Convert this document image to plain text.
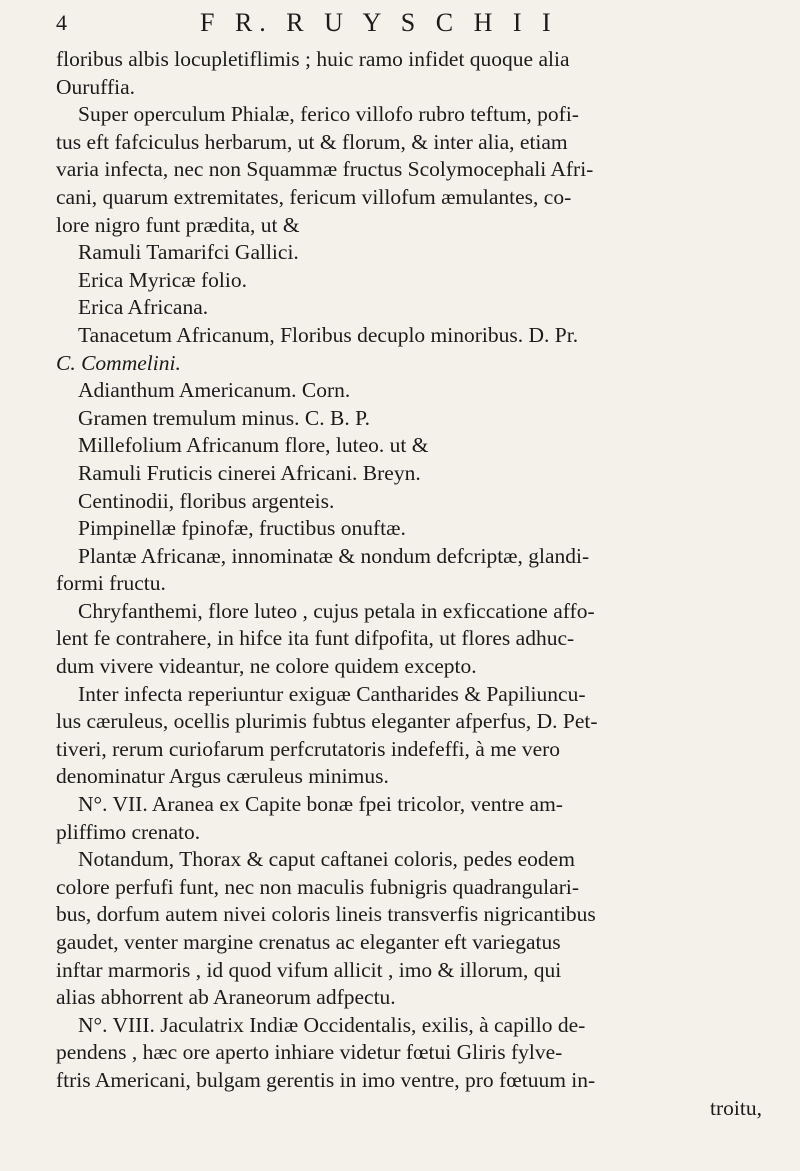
4	F R. R U Y S C H I I
floribus albis locupletiflimis ; huic ramo infidet quoque alia
Ouruffia.
Super operculum Phialæ, ferico villofo rubro teftum, pofi-
tus eft fafciculus herbarum, ut & florum, & inter alia, etiam
varia infecta, nec non Squammæ fructus Scolymocephali Afri-
cani, quarum extremitates, fericum villofum æmulantes, co-
lore nigro funt prædita, ut &
Ramuli Tamarifci Gallici.
Erica Myricæ folio.
Erica Africana.
Tanacetum Africanum, Floribus decuplo minoribus. D. Pr.
C. Commelini.
Adianthum Americanum. Corn.
Gramen tremulum minus. C. B. P.
Millefolium Africanum flore, luteo. ut &
Ramuli Fruticis cinerei Africani. Breyn.
Centinodii, floribus argenteis.
Pimpinellæ fpinofæ, fructibus onuftæ.
Plantæ Africanæ, innominatæ & nondum defcriptæ, glandi-
formi fructu.
Chryfanthemi, flore luteo , cujus petala in exficcatione affo-
lent fe contrahere, in hifce ita funt difpofita, ut flores adhuc-
dum vivere videantur, ne colore quidem excepto.
Inter infecta reperiuntur exiguæ Cantharides & Papiliuncu-
lus cæruleus, ocellis plurimis fubtus eleganter afperfus, D. Pet-
tiveri, rerum curiofarum perfcrutatoris indefeffi, à me vero
denominatur Argus cæruleus minimus.
N°. VII. Aranea ex Capite bonæ fpei tricolor, ventre am-
pliffimo crenato.
Notandum, Thorax & caput caftanei coloris, pedes eodem
colore perfufi funt, nec non maculis fubnigris quadrangulari-
bus, dorfum autem nivei coloris lineis transverfis nigricantibus
gaudet, venter margine crenatus ac eleganter eft variegatus
inftar marmoris , id quod vifum allicit , imo & illorum, qui
alias abhorrent ab Araneorum adfpectu.
N°. VIII. Jaculatrix Indiæ Occidentalis, exilis, à capillo de-
pendens , hæc ore aperto inhiare videtur fœtui Gliris fylve-
ftris Americani, bulgam gerentis in imo ventre, pro fœtuum in-
troitu,
